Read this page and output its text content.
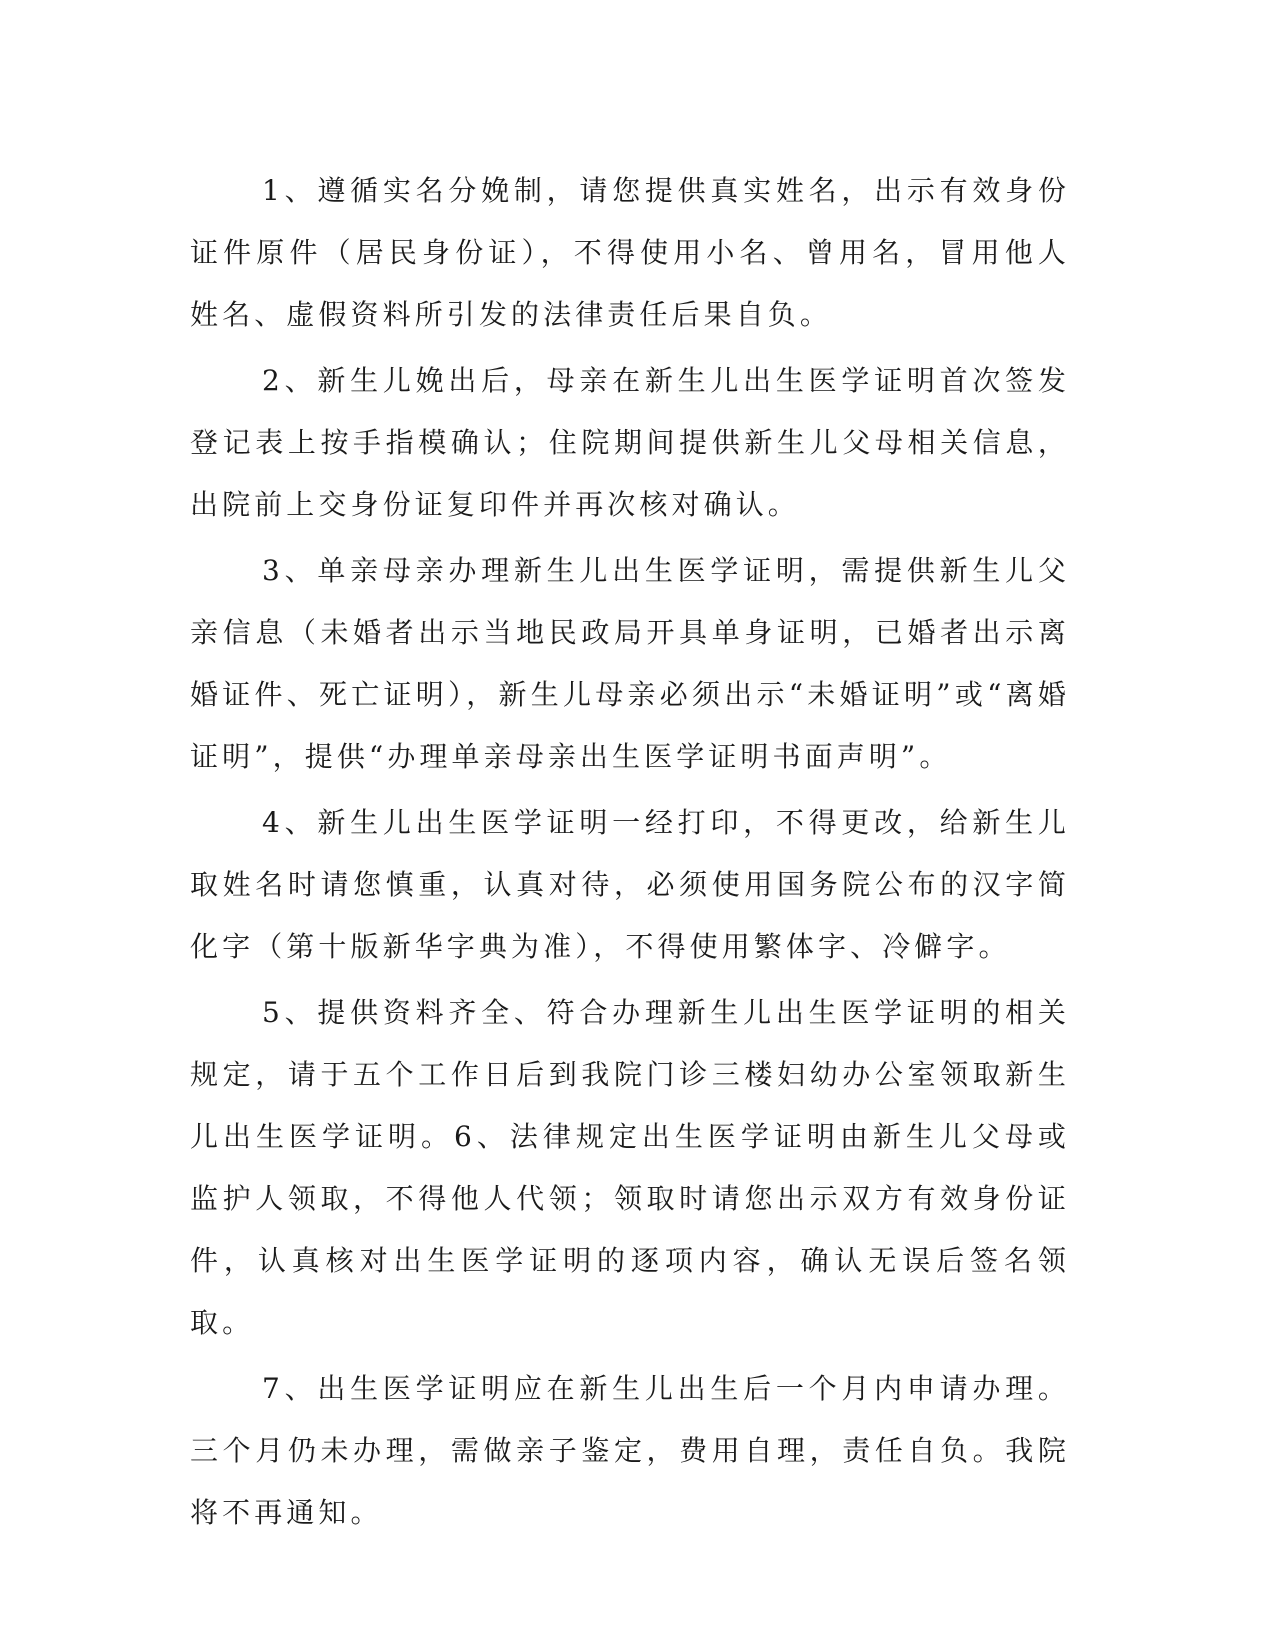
1、遵循实名分娩制，请您提供真实姓名，出示有效身份证件原件（居民身份证），不得使用小名、曾用名，冒用他人姓名、虚假资料所引发的法律责任后果自负。

2、新生儿娩出后，母亲在新生儿出生医学证明首次签发登记表上按手指模确认；住院期间提供新生儿父母相关信息，出院前上交身份证复印件并再次核对确认。

3、单亲母亲办理新生儿出生医学证明，需提供新生儿父亲信息（未婚者出示当地民政局开具单身证明，已婚者出示离婚证件、死亡证明），新生儿母亲必须出示“未婚证明”或“离婚证明”，提供“办理单亲母亲出生医学证明书面声明”。

4、新生儿出生医学证明一经打印，不得更改，给新生儿取姓名时请您慎重，认真对待，必须使用国务院公布的汉字简化字（第十版新华字典为准），不得使用繁体字、冷僻字。

5、提供资料齐全、符合办理新生儿出生医学证明的相关规定，请于五个工作日后到我院门诊三楼妇幼办公室领取新生儿出生医学证明。6、法律规定出生医学证明由新生儿父母或监护人领取，不得他人代领；领取时请您出示双方有效身份证件，认真核对出生医学证明的逐项内容，确认无误后签名领取。

7、出生医学证明应在新生儿出生后一个月内申请办理。三个月仍未办理，需做亲子鉴定，费用自理，责任自负。我院将不再通知。
